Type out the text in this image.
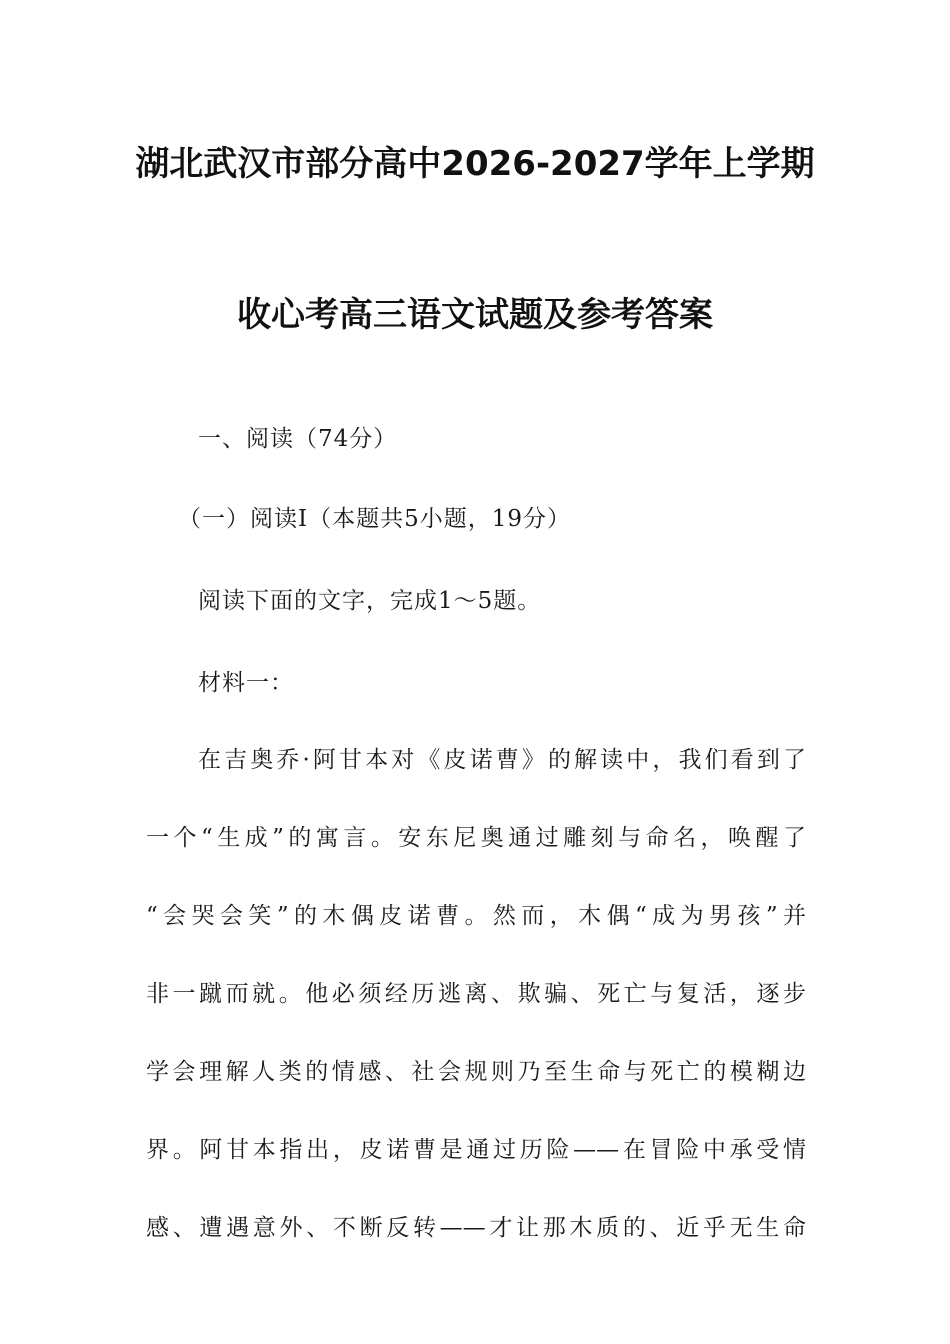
湖北武汉市部分高中2026-2027学年上学期
收心考高三语文试题及参考答案
一、阅读（74分）
（一）阅读Ⅰ（本题共5小题，19分）
阅读下面的文字，完成1～5题。
材料一：
在吉奥乔·阿甘本对《皮诺曹》的解读中，我们看到了
一个“生成”的寓言。安东尼奥通过雕刻与命名，唤醒了
“会哭会笑”的木偶皮诺曹。然而，木偶“成为男孩”并
非一蹴而就。他必须经历逃离、欺骗、死亡与复活，逐步
学会理解人类的情感、社会规则乃至生命与死亡的模糊边
界。阿甘本指出，皮诺曹是通过历险——在冒险中承受情
感、遭遇意外、不断反转——才让那木质的、近乎无生命
